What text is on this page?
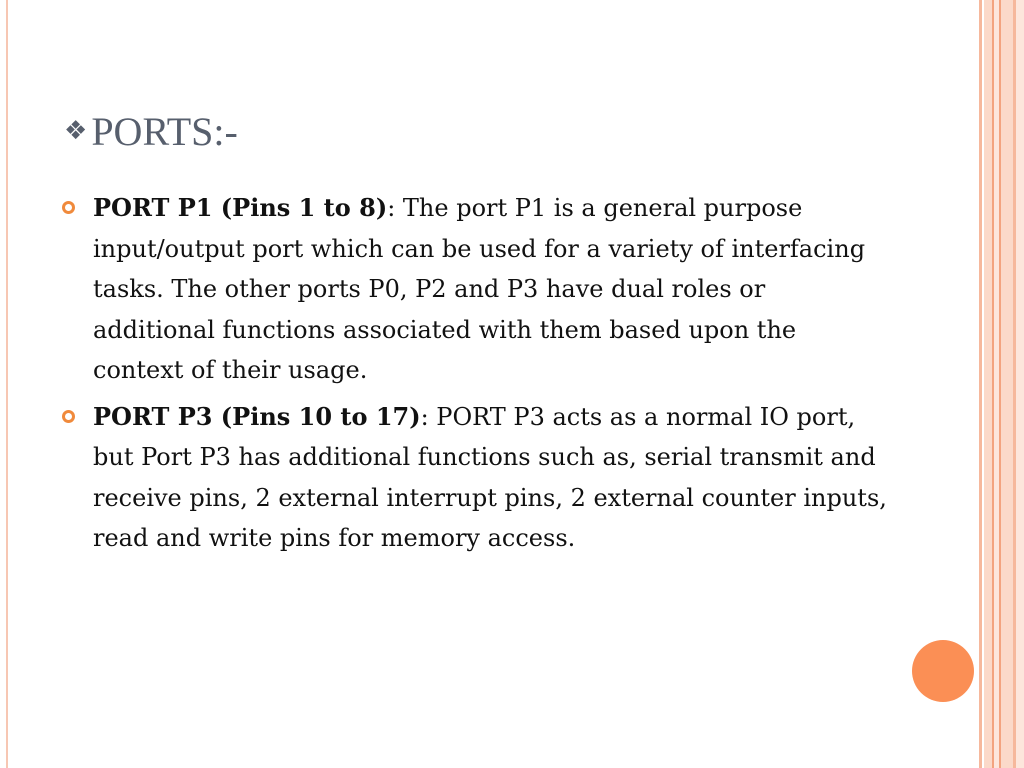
❖ PORTS:-
PORT P1 (Pins 1 to 8): The port P1 is a general purpose input/output port which can be used for a variety of interfacing tasks. The other ports P0, P2 and P3 have dual roles or additional functions associated with them based upon the context of their usage.
PORT P3 (Pins 10 to 17): PORT P3 acts as a normal IO port, but Port P3 has additional functions such as, serial transmit and receive pins, 2 external interrupt pins, 2 external counter inputs, read and write pins for memory access.
